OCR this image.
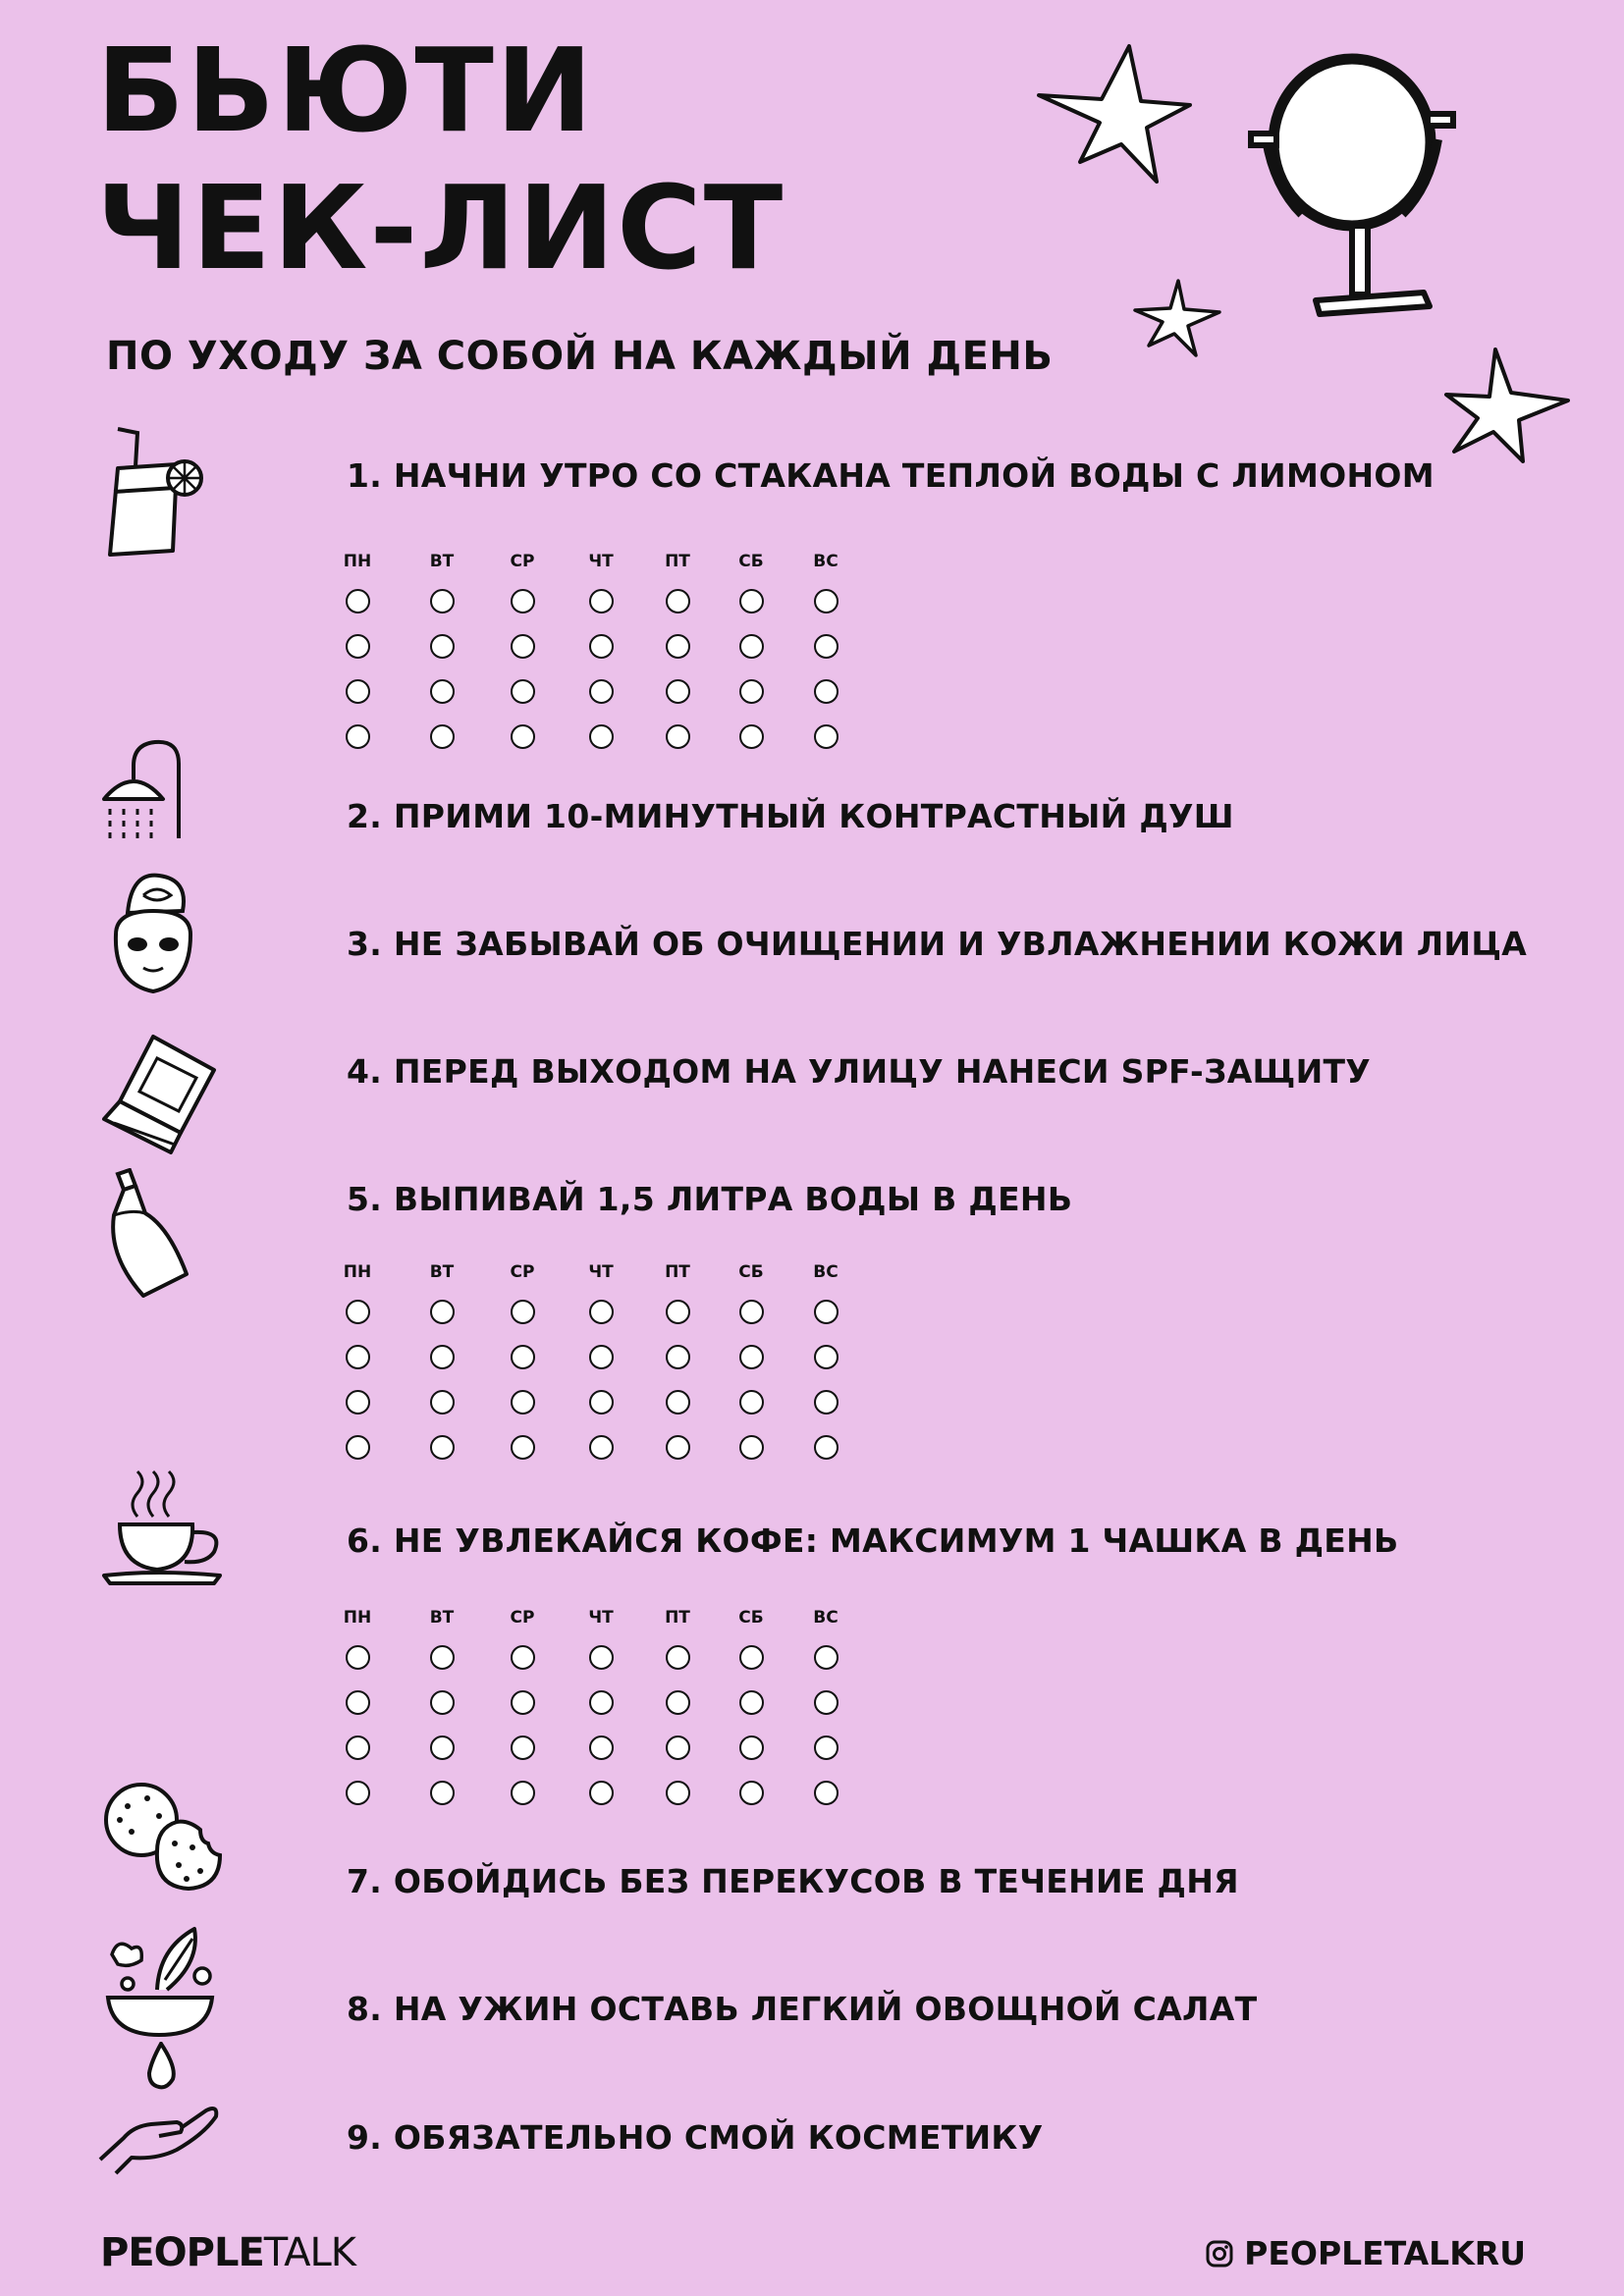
БЬЮТИ
ЧЕК-ЛИСТ
ПО УХОДУ ЗА СОБОЙ НА КАЖДЫЙ ДЕНЬ
1. НАЧНИ УТРО СО СТАКАНА ТЕПЛОЙ ВОДЫ С ЛИМОНОМ
ПН	ВТ	СР	ЧТ	ПТ	СБ	ВС
2. ПРИМИ 10-МИНУТНЫЙ КОНТРАСТНЫЙ ДУШ
3. НЕ ЗАБЫВАЙ ОБ ОЧИЩЕНИИ И УВЛАЖНЕНИИ КОЖИ ЛИЦА
4. ПЕРЕД ВЫХОДОМ НА УЛИЦУ НАНЕСИ SPF-ЗАЩИТУ
5. ВЫПИВАЙ 1,5 ЛИТРА ВОДЫ В ДЕНЬ
ПН	ВТ	СР	ЧТ	ПТ	СБ	ВС
6. НЕ УВЛЕКАЙСЯ КОФЕ: МАКСИМУМ 1 ЧАШКА В ДЕНЬ
ПН	ВТ	СР	ЧТ	ПТ	СБ	ВС
7. ОБОЙДИСЬ БЕЗ ПЕРЕКУСОВ В ТЕЧЕНИЕ ДНЯ
8. НА УЖИН ОСТАВЬ ЛЕГКИЙ ОВОЩНОЙ САЛАТ
9. ОБЯЗАТЕЛЬНО СМОЙ КОСМЕТИКУ
PEOPLETALK	PEOPLETALKRU
